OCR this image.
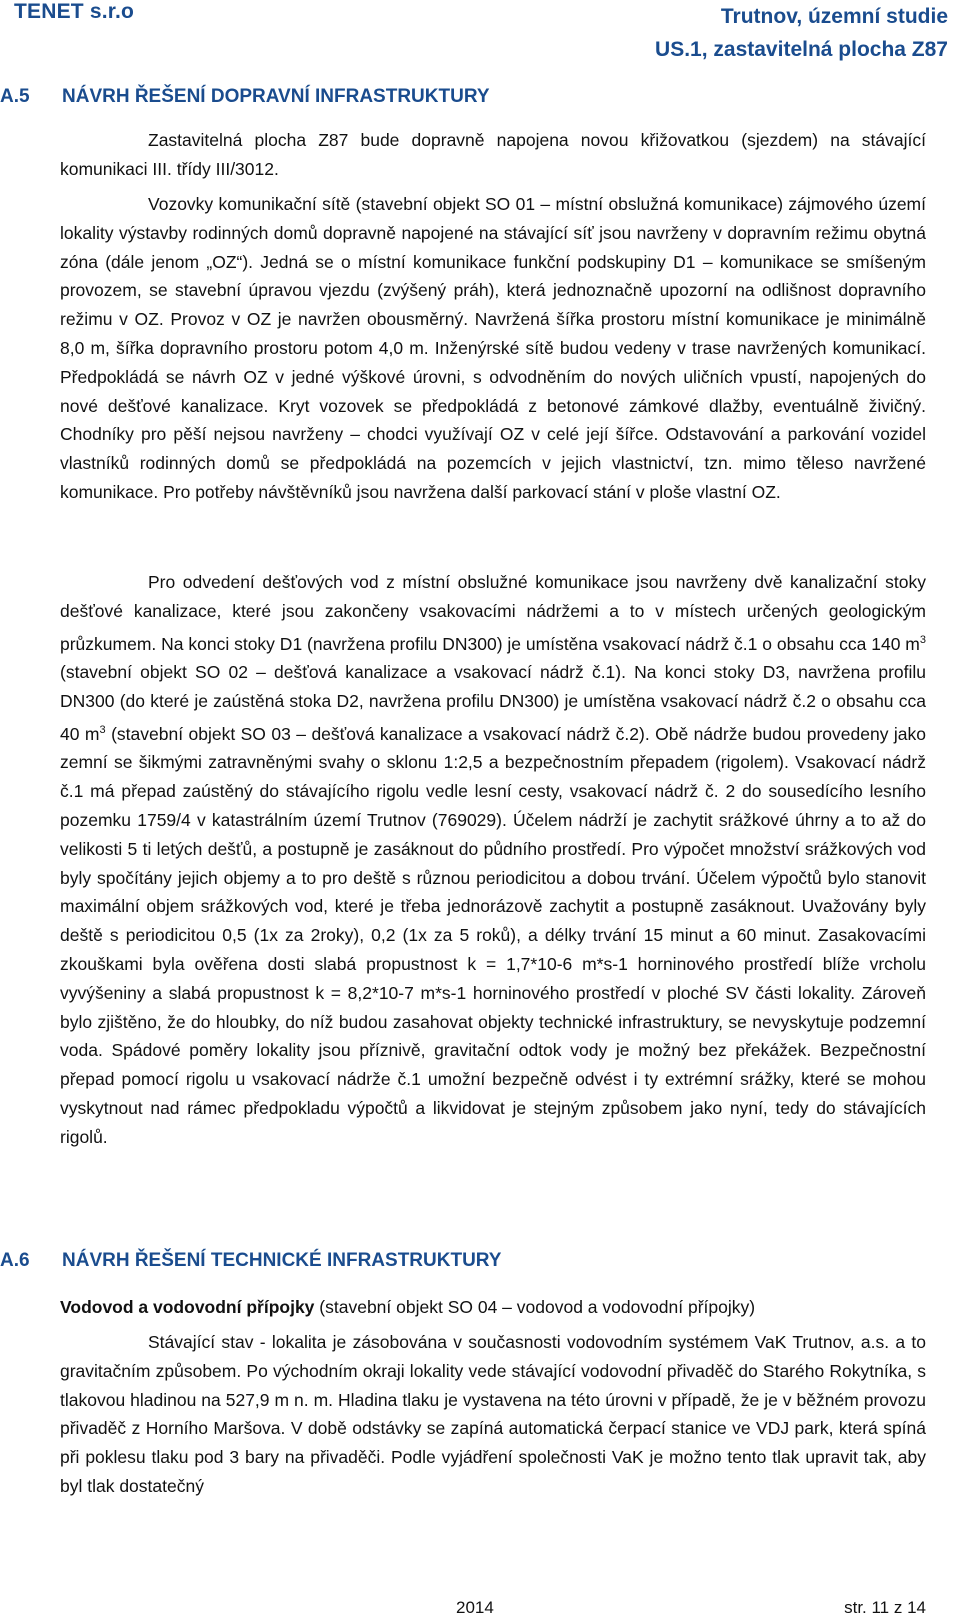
TENET s.r.o	Trutnov, územní studie
US.1, zastavitelná plocha Z87
A.5 NÁVRH ŘEŠENÍ DOPRAVNÍ INFRASTRUKTURY
Zastavitelná plocha Z87 bude dopravně napojena novou křižovatkou (sjezdem) na stávající komunikaci III. třídy III/3012.
Vozovky komunikační sítě (stavební objekt SO 01 – místní obslužná komunikace) zájmového území lokality výstavby rodinných domů dopravně napojené na stávající síť jsou navrženy v dopravním režimu obytná zóna (dále jenom „OZ“). Jedná se o místní komunikace funkční podskupiny D1 – komunikace se smíšeným provozem, se stavební úpravou vjezdu (zvýšený práh), která jednoznačně upozorní na odlišnost dopravního režimu v OZ. Provoz v OZ je navržen obousměrný. Navržená šířka prostoru místní komunikace je minimálně 8,0 m, šířka dopravního prostoru potom 4,0 m. Inženýrské sítě budou vedeny v trase navržených komunikací. Předpokládá se návrh OZ v jedné výškové úrovni, s odvodněním do nových uličních vpustí, napojených do nové dešťové kanalizace. Kryt vozovek se předpokládá z betonové zámkové dlažby, eventuálně živičný. Chodníky pro pěší nejsou navrženy – chodci využívají OZ v celé její šířce. Odstavování a parkování vozidel vlastníků rodinných domů se předpokládá na pozemcích v jejich vlastnictví, tzn. mimo těleso navržené komunikace. Pro potřeby návštěvníků jsou navržena další parkovací stání v ploše vlastní OZ.
Pro odvedení dešťových vod z místní obslužné komunikace jsou navrženy dvě kanalizační stoky dešťové kanalizace, které jsou zakončeny vsakovacími nádržemi a to v místech určených geologickým průzkumem. Na konci stoky D1 (navržena profilu DN300) je umístěna vsakovací nádrž č.1 o obsahu cca 140 $m^3$ (stavební objekt SO 02 – dešťová kanalizace a vsakovací nádrž č.1). Na konci stoky D3, navržena profilu DN300 (do které je zaústěná stoka D2, navržena profilu DN300) je umístěna vsakovací nádrž č.2 o obsahu cca 40 $m^3$ (stavební objekt SO 03 – dešťová kanalizace a vsakovací nádrž č.2). Obě nádrže budou provedeny jako zemní se šikmými zatravněnými svahy o sklonu 1:2,5 a bezpečnostním přepadem (rigolem). Vsakovací nádrž č.1 má přepad zaústěný do stávajícího rigolu vedle lesní cesty, vsakovací nádrž č. 2 do sousedícího lesního pozemku 1759/4 v katastrálním území Trutnov (769029). Účelem nádrží je zachytit srážkové úhrny a to až do velikosti 5 ti letých dešťů, a postupně je zasáknout do půdního prostředí. Pro výpočet množství srážkových vod byly spočítány jejich objemy a to pro deště s různou periodicitou a dobou trvání. Účelem výpočtů bylo stanovit maximální objem srážkových vod, které je třeba jednorázově zachytit a postupně zasáknout. Uvažovány byly deště s periodicitou 0,5 (1x za 2roky), 0,2 (1x za 5 roků), a délky trvání 15 minut a 60 minut. Zasakovacími zkouškami byla ověřena dosti slabá propustnost k = 1,7*10-6 m*s-1 horninového prostředí blíže vrcholu vyvýšeniny a slabá propustnost k = 8,2*10-7 m*s-1 horninového prostředí v ploché SV části lokality. Zároveň bylo zjištěno, že do hloubky, do níž budou zasahovat objekty technické infrastruktury, se nevyskytuje podzemní voda. Spádové poměry lokality jsou příznivě, gravitační odtok vody je možný bez překážek. Bezpečnostní přepad pomocí rigolu u vsakovací nádrže č.1 umožní bezpečně odvést i ty extrémní srážky, které se mohou vyskytnout nad rámec předpokladu výpočtů a likvidovat je stejným způsobem jako nyní, tedy do stávajících rigolů.
A.6 NÁVRH ŘEŠENÍ TECHNICKÉ INFRASTRUKTURY
Vodovod a vodovodní přípojky (stavební objekt SO 04 – vodovod a vodovodní přípojky)
Stávající stav - lokalita je zásobována v současnosti vodovodním systémem VaK Trutnov, a.s. a to gravitačním způsobem. Po východním okraji lokality vede stávající vodovodní přivaděč do Starého Rokytníka, s tlakovou hladinou na 527,9 m n. m. Hladina tlaku je vystavena na této úrovni v případě, že je v běžném provozu přivaděč z Horního Maršova. V době odstávky se zapíná automatická čerpací stanice ve VDJ park, která spíná při poklesu tlaku pod 3 bary na přivaděči. Podle vyjádření společnosti VaK je možno tento tlak upravit tak, aby byl tlak dostatečný
2014	str. 11 z 14
